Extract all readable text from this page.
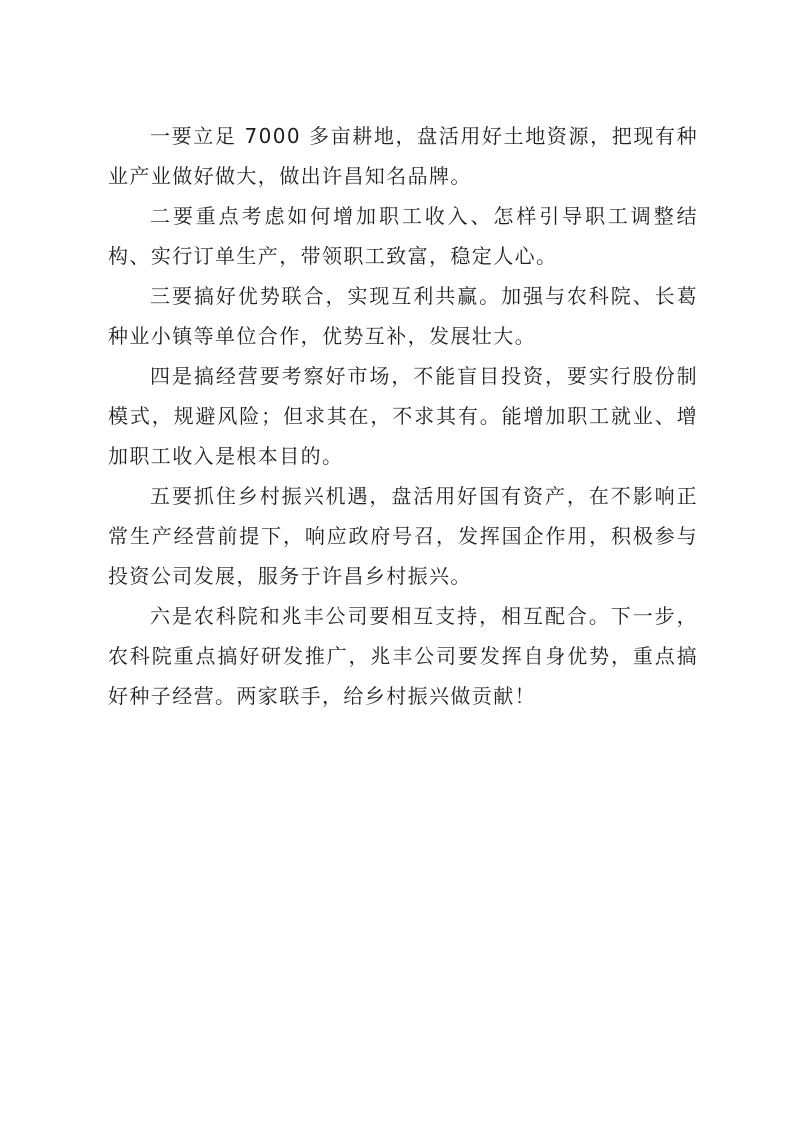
一要立足 7000 多亩耕地，盘活用好土地资源，把现有种业产业做好做大，做出许昌知名品牌。

二要重点考虑如何增加职工收入、怎样引导职工调整结构、实行订单生产，带领职工致富，稳定人心。

三要搞好优势联合，实现互利共赢。加强与农科院、长葛种业小镇等单位合作，优势互补，发展壮大。

四是搞经营要考察好市场，不能盲目投资，要实行股份制模式，规避风险；但求其在，不求其有。能增加职工就业、增加职工收入是根本目的。

五要抓住乡村振兴机遇，盘活用好国有资产，在不影响正常生产经营前提下，响应政府号召，发挥国企作用，积极参与投资公司发展，服务于许昌乡村振兴。

六是农科院和兆丰公司要相互支持，相互配合。下一步，农科院重点搞好研发推广，兆丰公司要发挥自身优势，重点搞好种子经营。两家联手，给乡村振兴做贡献！
